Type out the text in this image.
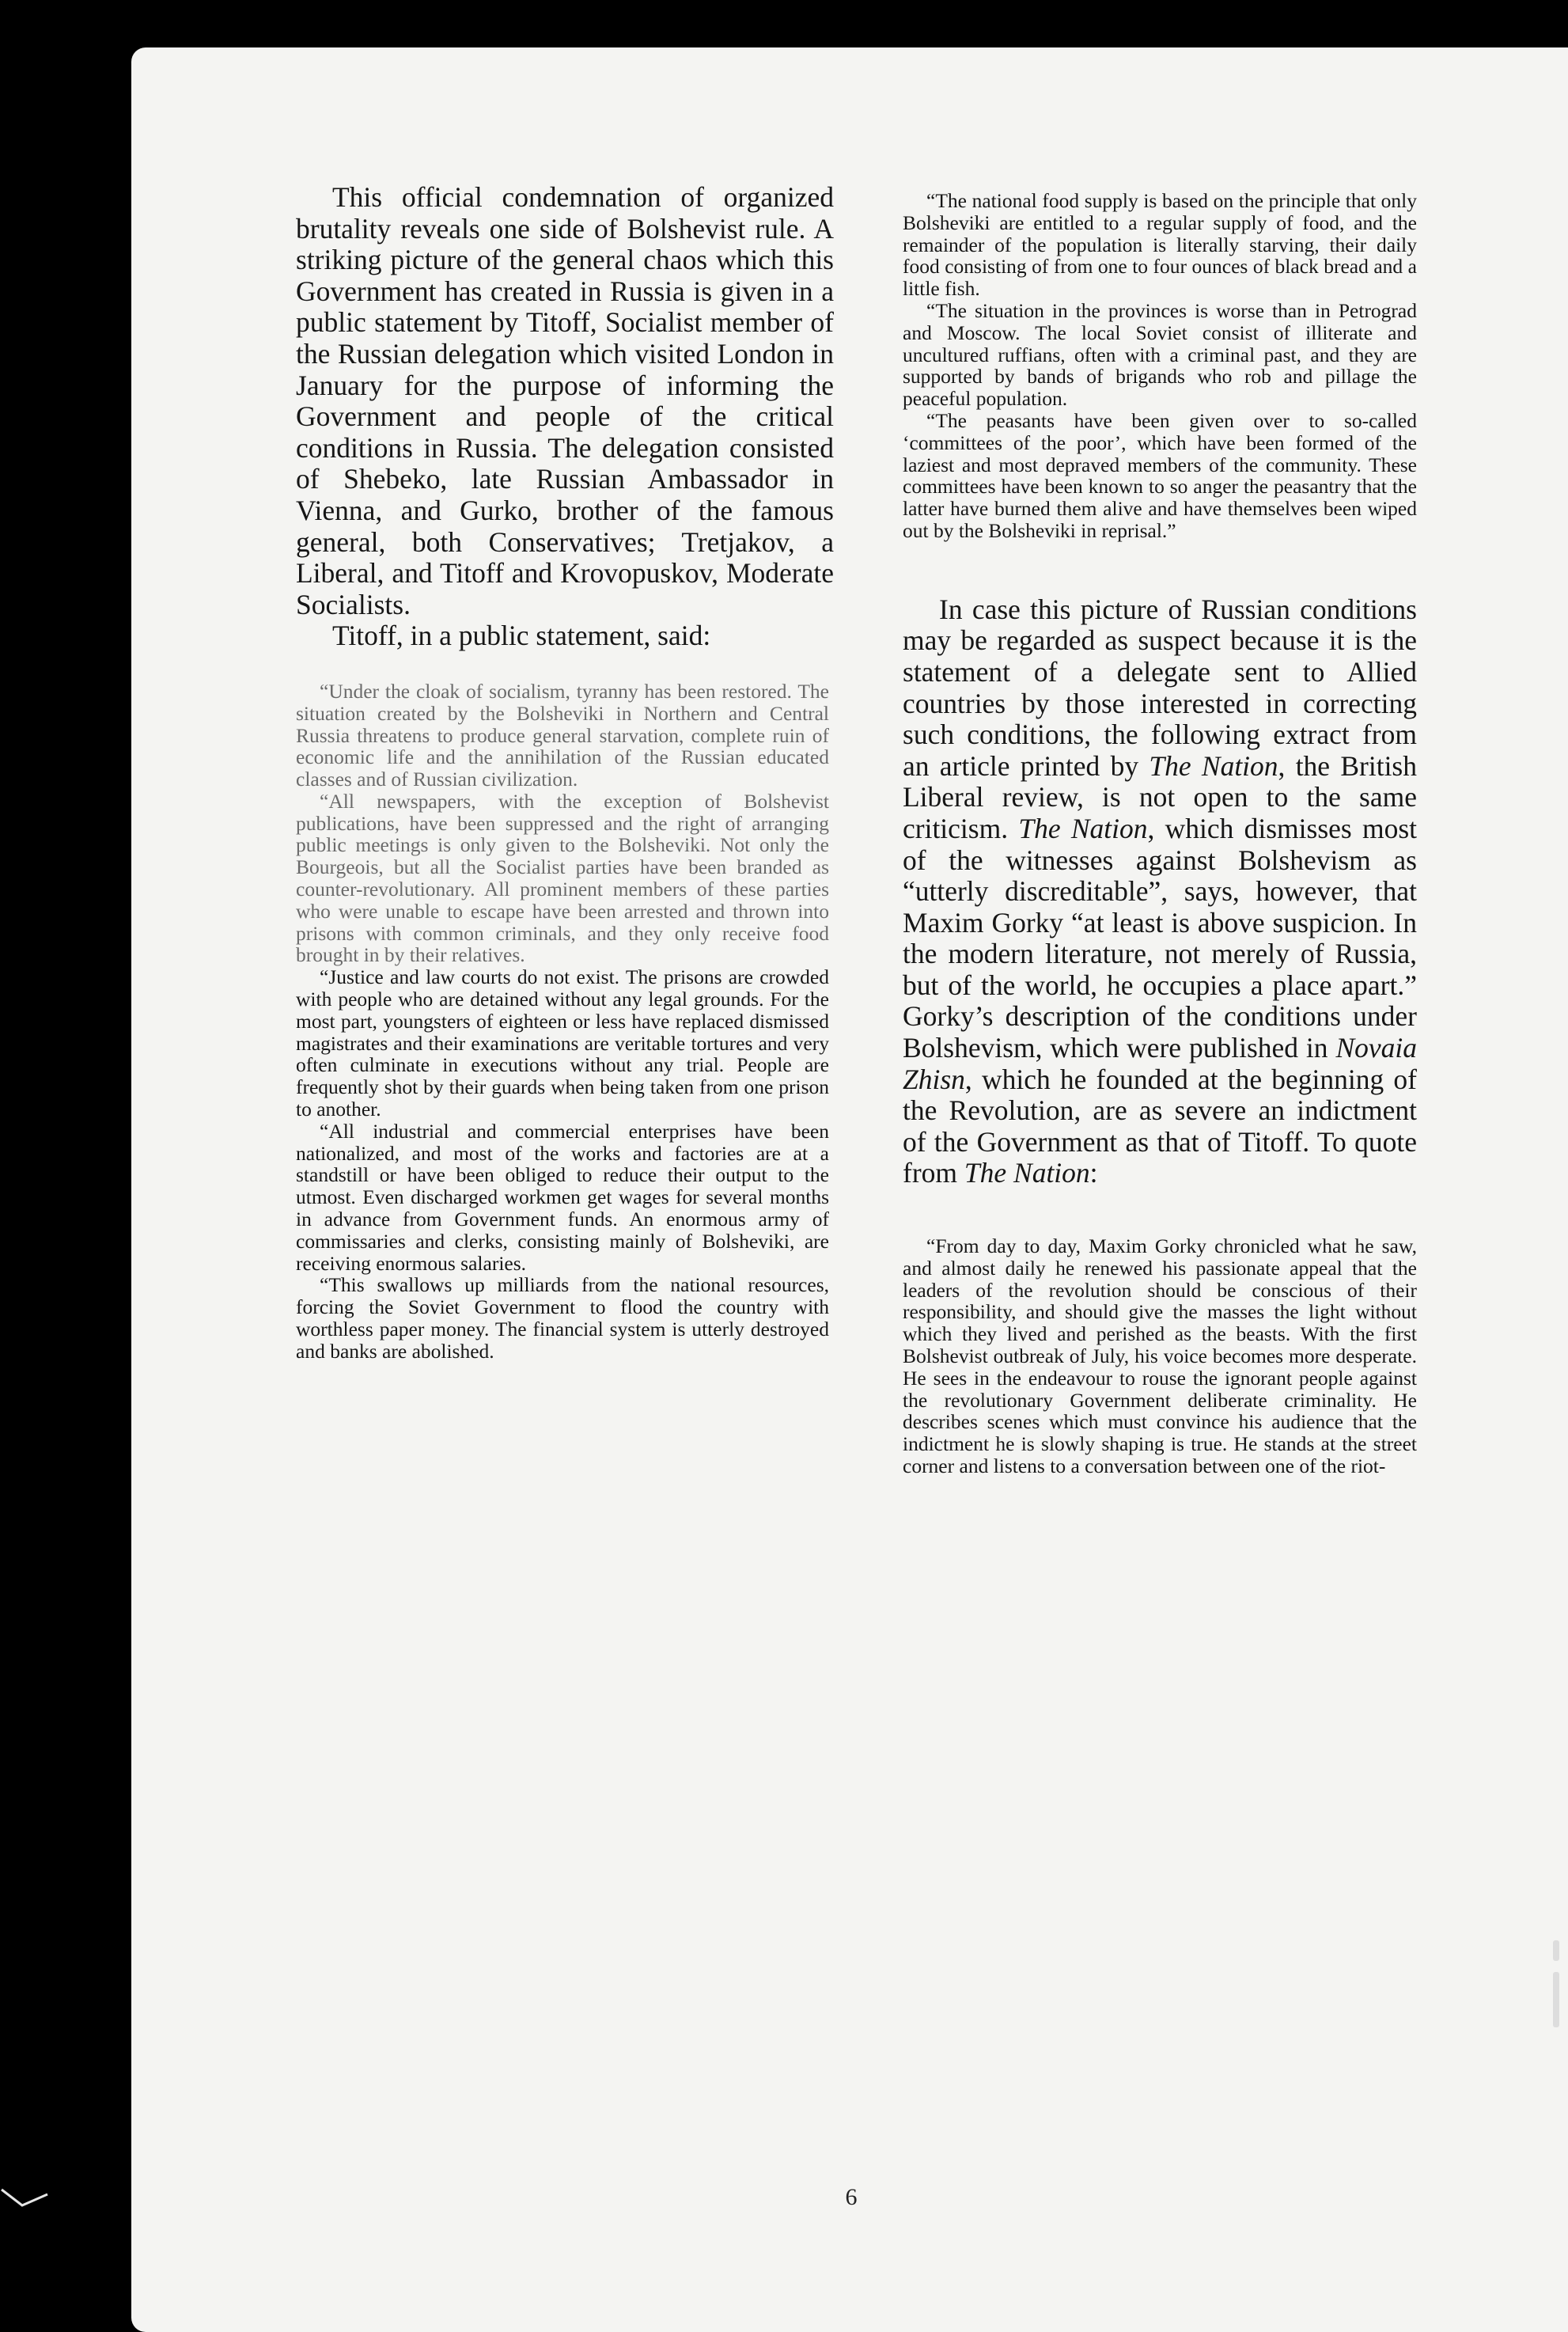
This official condemnation of organized brutality reveals one side of Bolshevist rule. A striking picture of the general chaos which this Government has created in Russia is given in a public statement by Titoff, Socialist member of the Russian delegation which visited London in January for the purpose of informing the Government and people of the critical conditions in Russia. The delegation consisted of Shebeko, late Russian Ambassador in Vienna, and Gurko, brother of the famous general, both Conservatives; Tretjakov, a Liberal, and Titoff and Krovopuskov, Moderate Socialists.

Titoff, in a public statement, said:

“Under the cloak of socialism, tyranny has been restored. The situation created by the Bolsheviki in Northern and Central Russia threatens to produce general starvation, complete ruin of economic life and the annihilation of the Russian educated classes and of Russian civilization.

“All newspapers, with the exception of Bolshevist publications, have been suppressed and the right of arranging public meetings is only given to the Bolsheviki. Not only the Bourgeois, but all the Socialist parties have been branded as counter-revolutionary. All prominent members of these parties who were unable to escape have been arrested and thrown into prisons with common criminals, and they only receive food brought in by their relatives.

“Justice and law courts do not exist. The prisons are crowded with people who are detained without any legal grounds. For the most part, youngsters of eighteen or less have replaced dismissed magistrates and their examinations are veritable tortures and very often culminate in executions without any trial. People are frequently shot by their guards when being taken from one prison to another.

“All industrial and commercial enterprises have been nationalized, and most of the works and factories are at a standstill or have been obliged to reduce their output to the utmost. Even discharged workmen get wages for several months in advance from Government funds. An enormous army of commissaries and clerks, consisting mainly of Bolsheviki, are receiving enormous salaries.

“This swallows up milliards from the national resources, forcing the Soviet Government to flood the country with worthless paper money. The financial system is utterly destroyed and banks are abolished.

“The national food supply is based on the principle that only Bolsheviki are entitled to a regular supply of food, and the remainder of the population is literally starving, their daily food consisting of from one to four ounces of black bread and a little fish.

“The situation in the provinces is worse than in Petrograd and Moscow. The local Soviet consist of illiterate and uncultured ruffians, often with a criminal past, and they are supported by bands of brigands who rob and pillage the peaceful population.

“The peasants have been given over to so-called ‘committees of the poor’, which have been formed of the laziest and most depraved members of the community. These committees have been known to so anger the peasantry that the latter have burned them alive and have themselves been wiped out by the Bolsheviki in reprisal.”

In case this picture of Russian conditions may be regarded as suspect because it is the statement of a delegate sent to Allied countries by those interested in correcting such conditions, the following extract from an article printed by The Nation, the British Liberal review, is not open to the same criticism. The Nation, which dismisses most of the witnesses against Bolshevism as “utterly discreditable”, says, however, that Maxim Gorky “at least is above suspicion. In the modern literature, not merely of Russia, but of the world, he occupies a place apart.” Gorky’s description of the conditions under Bolshevism, which were published in Novaia Zhisn, which he founded at the beginning of the Revolution, are as severe an indictment of the Government as that of Titoff. To quote from The Nation:

“From day to day, Maxim Gorky chronicled what he saw, and almost daily he renewed his passionate appeal that the leaders of the revolution should be conscious of their responsibility, and should give the masses the light without which they lived and perished as the beasts. With the first Bolshevist outbreak of July, his voice becomes more desperate. He sees in the endeavour to rouse the ignorant people against the revolutionary Government deliberate criminality. He describes scenes which must convince his audience that the indictment he is slowly shaping is true. He stands at the street corner and listens to a conversation between one of the riot-

6
